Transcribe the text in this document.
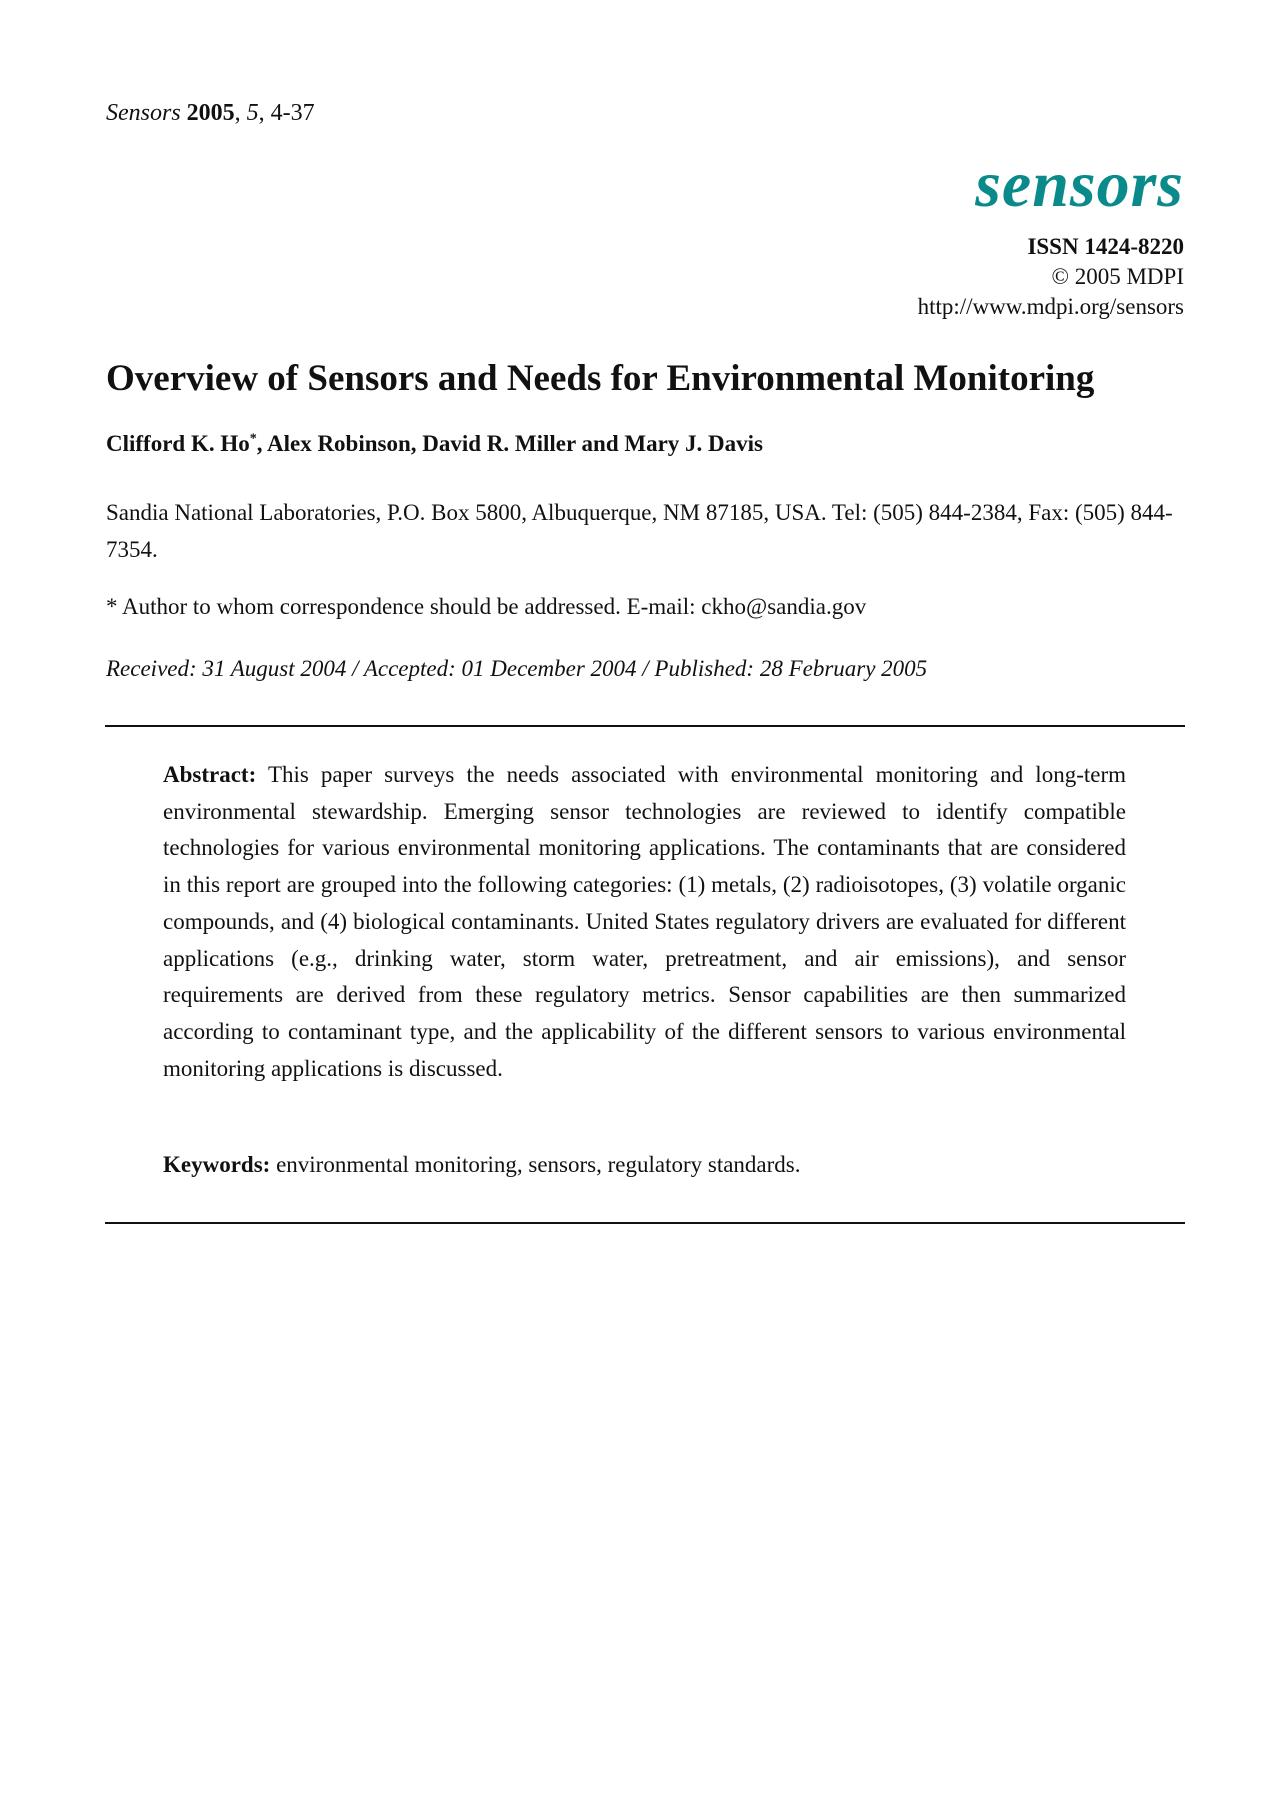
Sensors 2005, 5, 4-37
sensors
ISSN 1424-8220
© 2005 MDPI
http://www.mdpi.org/sensors
Overview of Sensors and Needs for Environmental Monitoring
Clifford K. Ho*, Alex Robinson, David R. Miller and Mary J. Davis
Sandia National Laboratories, P.O. Box 5800, Albuquerque, NM 87185, USA. Tel: (505) 844-2384, Fax: (505) 844-7354.
* Author to whom correspondence should be addressed. E-mail: ckho@sandia.gov
Received: 31 August 2004 / Accepted: 01 December 2004 / Published: 28 February 2005
Abstract: This paper surveys the needs associated with environmental monitoring and long-term environmental stewardship. Emerging sensor technologies are reviewed to identify compatible technologies for various environmental monitoring applications. The contaminants that are considered in this report are grouped into the following categories: (1) metals, (2) radioisotopes, (3) volatile organic compounds, and (4) biological contaminants. United States regulatory drivers are evaluated for different applications (e.g., drinking water, storm water, pretreatment, and air emissions), and sensor requirements are derived from these regulatory metrics. Sensor capabilities are then summarized according to contaminant type, and the applicability of the different sensors to various environmental monitoring applications is discussed.
Keywords: environmental monitoring, sensors, regulatory standards.
